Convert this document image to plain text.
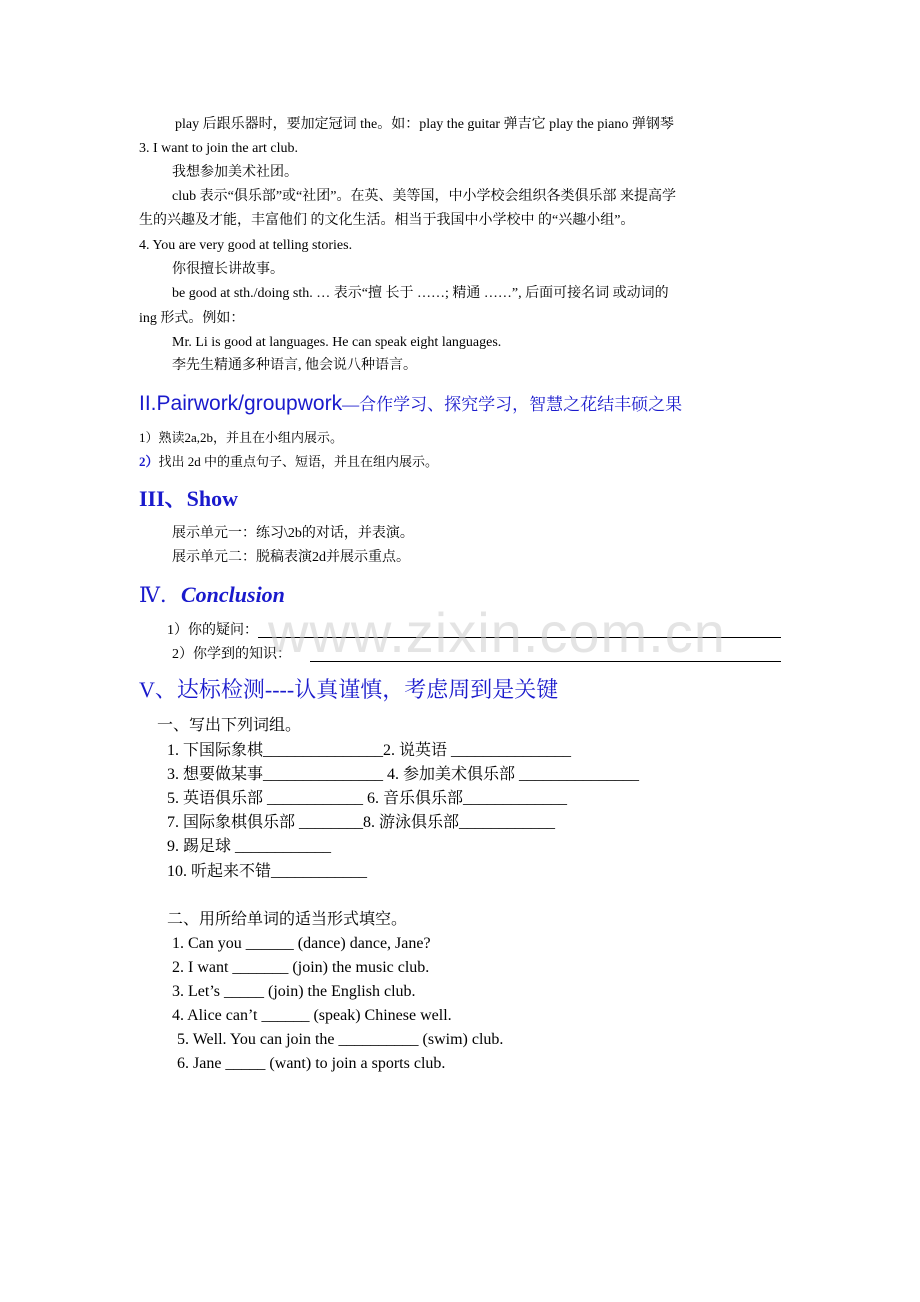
play 后跟乐器时，要加定冠词 the。如：play the guitar 弹吉它 play the piano 弹钢琴
3. I want to join the art club.
我想参加美术社团。
club 表示“俱乐部”或“社团”。在英、美等国，中小学校会组织各类俱乐部 来提高学
生的兴趣及才能，丰富他们 的文化生活。相当于我国中小学校中 的“兴趣小组”。
4. You are very good at telling stories.
你很擅长讲故事。
be good at sth./doing sth. … 表示“擅 长于 ……; 精通 ……”, 后面可接名词 或动词的
ing 形式。例如：
Mr. Li is good at languages. He can speak eight languages.
李先生精通多种语言, 他会说八种语言。
II.Pairwork/groupwork—合作学习、探究学习，智慧之花结丰硕之果
1）熟读2a,2b，并且在小组内展示。
2）找出 2d 中的重点句子、短语，并且在组内展示。
III、Show
展示单元一：练习\2b的对话，并表演。
展示单元二：脱稿表演2d并展示重点。
Ⅳ．Conclusion
1）你的疑问：
2）你学到的知识：
www.zixin.com.cn
V、达标检测----认真谨慎，考虑周到是关键
一、写出下列词组。
1. 下国际象棋_______________2. 说英语 _______________
3. 想要做某事_______________ 4. 参加美术俱乐部 _______________
5. 英语俱乐部 ____________ 6. 音乐俱乐部_____________
7. 国际象棋俱乐部 ________8. 游泳俱乐部____________
9. 踢足球 ____________
10. 听起来不错____________
二、用所给单词的适当形式填空。
1. Can you ______ (dance) dance, Jane?
2. I want _______ (join) the music club.
3. Let’s _____ (join) the English club.
4. Alice can’t ______ (speak) Chinese well.
5. Well. You can join the __________ (swim) club.
6. Jane _____ (want) to join a sports club.
